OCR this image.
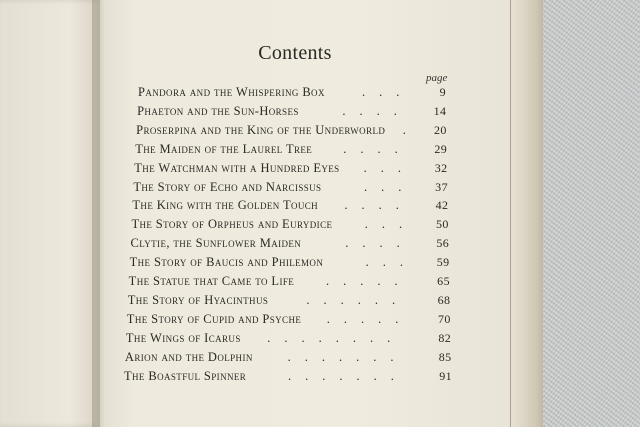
Contents
page
Pandora and the Whispering Box	9
...
Phaeton and the Sun-Horses	14
....
Proserpina and the King of the Underworld	20
.
The Maiden of the Laurel Tree	29
....
The Watchman with a Hundred Eyes	32
...
The Story of Echo and Narcissus	37
...
The King with the Golden Touch	42
....
The Story of Orpheus and Eurydice	50
...
Clytie, the Sunflower Maiden	56
....
The Story of Baucis and Philemon	59
...
The Statue that Came to Life	65
.....
The Story of Hyacinthus	68
......
The Story of Cupid and Psyche	70
.....
The Wings of Icarus	82
........
Arion and the Dolphin	85
.......
The Boastful Spinner	91
.......
